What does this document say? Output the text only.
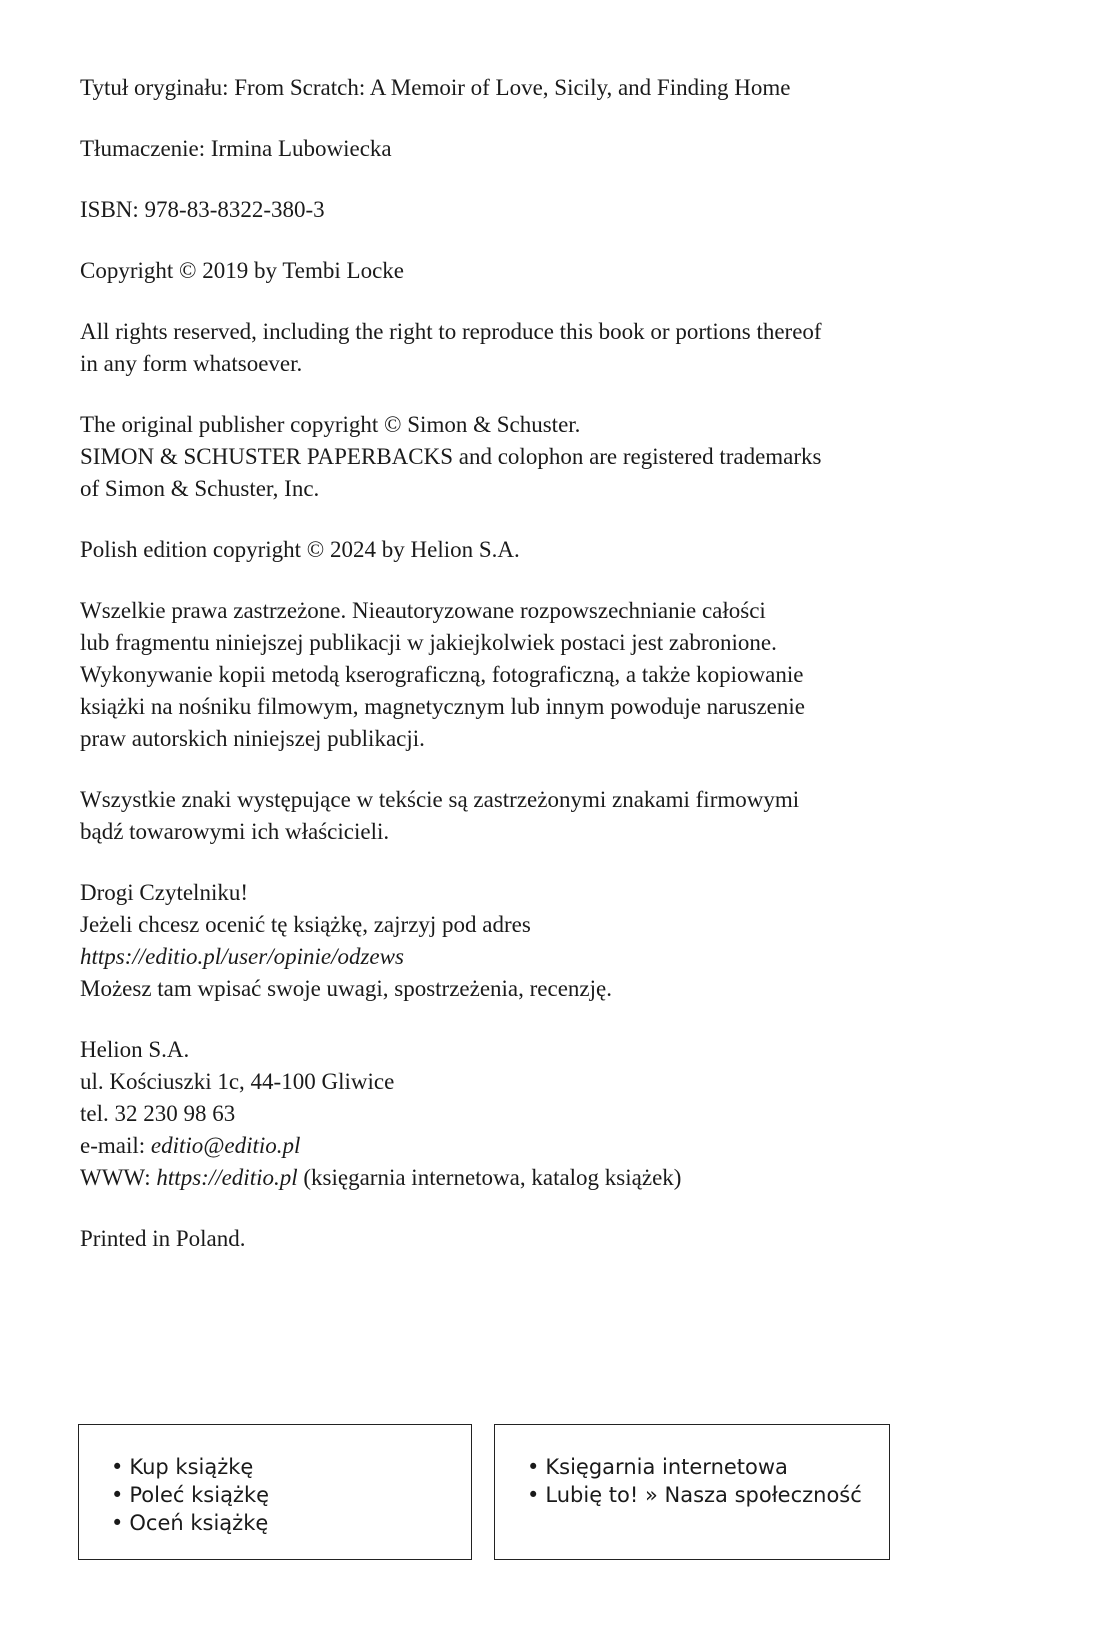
Tytuł oryginału: From Scratch: A Memoir of Love, Sicily, and Finding Home

Tłumaczenie: Irmina Lubowiecka

ISBN: 978-83-8322-380-3

Copyright © 2019 by Tembi Locke

All rights reserved, including the right to reproduce this book or portions thereof
in any form whatsoever.

The original publisher copyright © Simon & Schuster.
SIMON & SCHUSTER PAPERBACKS and colophon are registered trademarks
of Simon & Schuster, Inc.

Polish edition copyright © 2024 by Helion S.A.

Wszelkie prawa zastrzeżone. Nieautoryzowane rozpowszechnianie całości
lub fragmentu niniejszej publikacji w jakiejkolwiek postaci jest zabronione.
Wykonywanie kopii metodą kserograficzną, fotograficzną, a także kopiowanie
książki na nośniku filmowym, magnetycznym lub innym powoduje naruszenie
praw autorskich niniejszej publikacji.

Wszystkie znaki występujące w tekście są zastrzeżonymi znakami firmowymi
bądź towarowymi ich właścicieli.

Drogi Czytelniku!
Jeżeli chcesz ocenić tę książkę, zajrzyj pod adres
https://editio.pl/user/opinie/odzews
Możesz tam wpisać swoje uwagi, spostrzeżenia, recenzję.

Helion S.A.
ul. Kościuszki 1c, 44-100 Gliwice
tel. 32 230 98 63
e-mail: editio@editio.pl
WWW: https://editio.pl (księgarnia internetowa, katalog książek)

Printed in Poland.

• Kup książkę
• Poleć książkę
• Oceń książkę
• Księgarnia internetowa
• Lubię to! » Nasza społeczność
